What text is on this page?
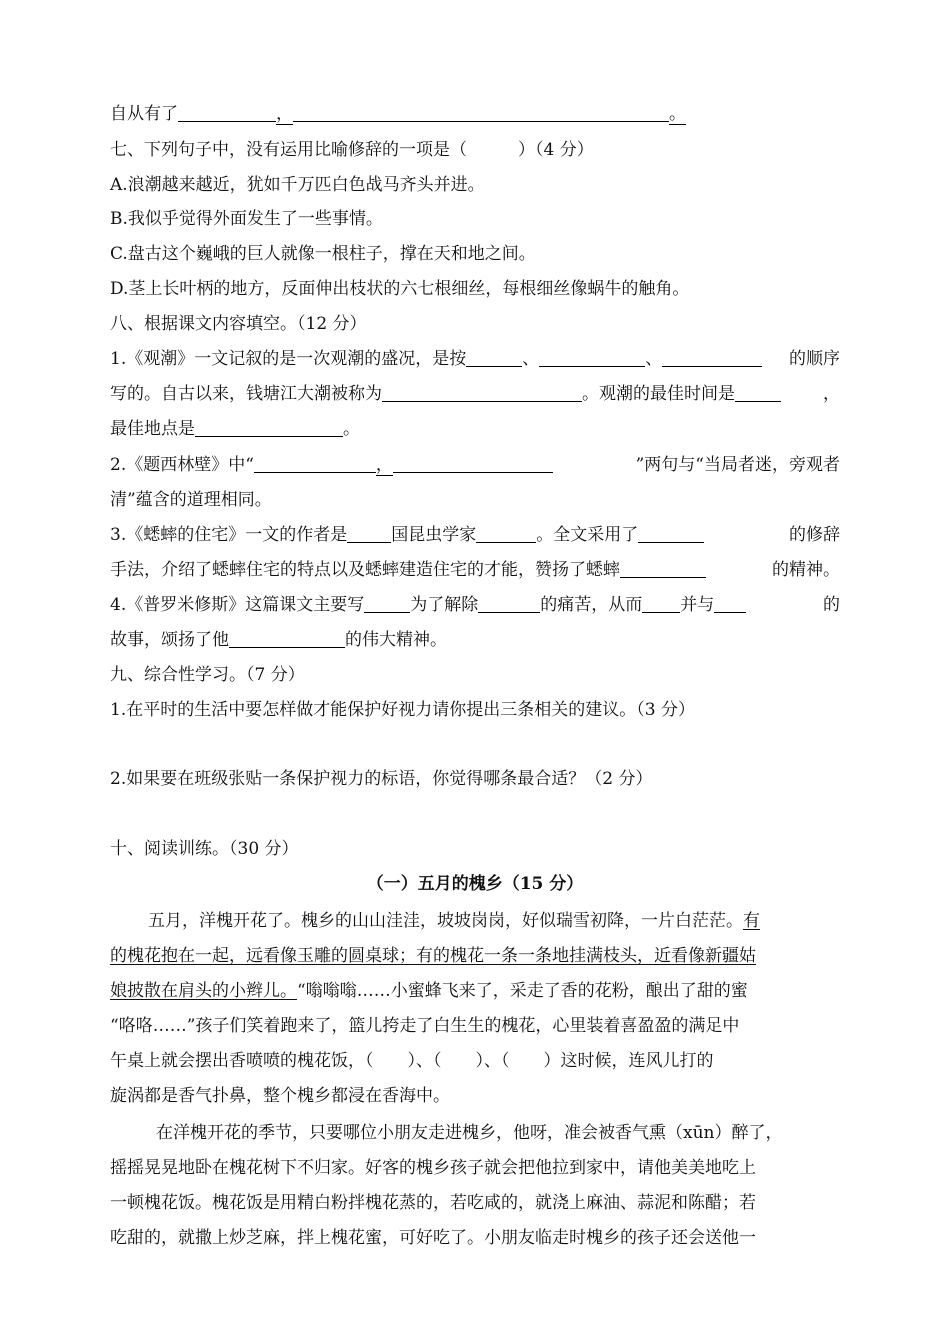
自从有了	，	。
七、下列句子中，没有运用比喻修辞的一项是（　　　）（4 分）
A.浪潮越来越近，犹如千万匹白色战马齐头并进。
B.我似乎觉得外面发生了一些事情。
C.盘古这个巍峨的巨人就像一根柱子，撑在天和地之间。
D.茎上长叶柄的地方，反面伸出枝状的六七根细丝，每根细丝像蜗牛的触角。
八、根据课文内容填空。（12 分）
1.《观潮》一文记叙的是一次观潮的盛况，是按	、	、	的顺序
写的。自古以来，钱塘江大潮被称为	。观潮的最佳时间是	，
最佳地点是	。
2.《题西林壁》中“	，	”两句与“当局者迷，旁观者
清”蕴含的道理相同。
3.《蟋蟀的住宅》一文的作者是	国昆虫学家	。全文采用了	的修辞
手法，介绍了蟋蟀住宅的特点以及蟋蟀建造住宅的才能，赞扬了蟋蟀	的精神。
4.《普罗米修斯》这篇课文主要写	为了解除	的痛苦，从而 并与	的
故事，颂扬了他	的伟大精神。
九、综合性学习。（7 分）
1.在平时的生活中要怎样做才能保护好视力请你提出三条相关的建议。（3 分）
2.如果要在班级张贴一条保护视力的标语，你觉得哪条最合适？（2 分）
十、阅读训练。（30 分）
（一）五月的槐乡（15 分）
五月，洋槐开花了。槐乡的山山洼洼，坡坡岗岗，好似瑞雪初降，一片白茫茫。有
的槐花抱在一起，远看像玉雕的圆桌球；有的槐花一条一条地挂满枝头，近看像新疆姑
娘披散在肩头的小辫儿。“嗡嗡嗡……小蜜蜂飞来了，采走了香的花粉，酿出了甜的蜜
“咯咯……”孩子们笑着跑来了，篮儿挎走了白生生的槐花，心里装着喜盈盈的满足中
午桌上就会摆出香喷喷的槐花饭，（　　）、（　　）、（　　）这时候，连风儿打的
旋涡都是香气扑鼻，整个槐乡都浸在香海中。
在洋槐开花的季节，只要哪位小朋友走进槐乡，他呀，准会被香气熏（xūn）醉了，
摇摇晃晃地卧在槐花树下不归家。好客的槐乡孩子就会把他拉到家中，请他美美地吃上
一顿槐花饭。槐花饭是用精白粉拌槐花蒸的，若吃咸的，就浇上麻油、蒜泥和陈醋；若
吃甜的，就撒上炒芝麻，拌上槐花蜜，可好吃了。小朋友临走时槐乡的孩子还会送他一
